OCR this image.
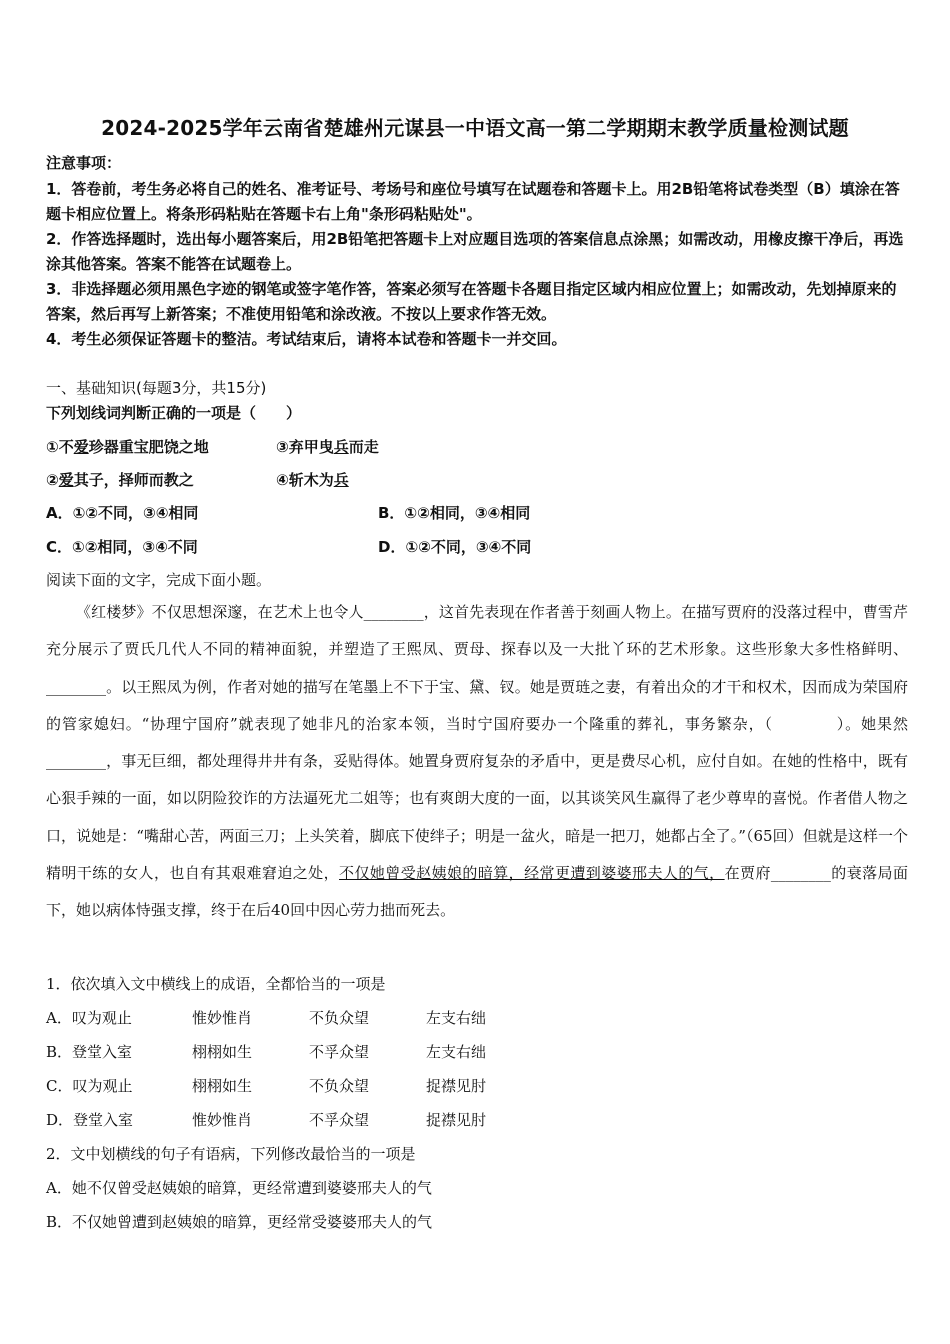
2024-2025学年云南省楚雄州元谋县一中语文高一第二学期期末教学质量检测试题
注意事项：
1．答卷前，考生务必将自己的姓名、准考证号、考场号和座位号填写在试题卷和答题卡上。用2B铅笔将试卷类型（B）填涂在答题卡相应位置上。将条形码粘贴在答题卡右上角"条形码粘贴处"。
2．作答选择题时，选出每小题答案后，用2B铅笔把答题卡上对应题目选项的答案信息点涂黑；如需改动，用橡皮擦干净后，再选涂其他答案。答案不能答在试题卷上。
3．非选择题必须用黑色字迹的钢笔或签字笔作答，答案必须写在答题卡各题目指定区域内相应位置上；如需改动，先划掉原来的答案，然后再写上新答案；不准使用铅笔和涂改液。不按以上要求作答无效。
4．考生必须保证答题卡的整洁。考试结束后，请将本试卷和答题卡一并交回。
一、基础知识(每题3分，共15分)
下列划线词判断正确的一项是（　　）
①不爱珍器重宝肥饶之地	③弃甲曳兵而走
②爱其子，择师而教之	④斩木为兵
A．①②不同，③④相同	B．①②相同，③④相同
C．①②相同，③④不同	D．①②不同，③④不同
阅读下面的文字，完成下面小题。
《红楼梦》不仅思想深邃，在艺术上也令人________，这首先表现在作者善于刻画人物上。在描写贾府的没落过程中，曹雪芹充分展示了贾氏几代人不同的精神面貌，并塑造了王熙凤、贾母、探春以及一大批丫环的艺术形象。这些形象大多性格鲜明、________。以王熙凤为例，作者对她的描写在笔墨上不下于宝、黛、钗。她是贾琏之妻，有着出众的才干和权术，因而成为荣国府的管家媳妇。“协理宁国府”就表现了她非凡的治家本领，当时宁国府要办一个隆重的葬礼，事务繁杂，（　　　　）。她果然________，事无巨细，都处理得井井有条，妥贴得体。她置身贾府复杂的矛盾中，更是费尽心机，应付自如。在她的性格中，既有心狠手辣的一面，如以阴险狡诈的方法逼死尤二姐等；也有爽朗大度的一面，以其谈笑风生赢得了老少尊卑的喜悦。作者借人物之口，说她是：“嘴甜心苦，两面三刀；上头笑着，脚底下使绊子；明是一盆火，暗是一把刀，她都占全了。”（65回）但就是这样一个精明干练的女人，也自有其艰难窘迫之处，不仅她曾受赵姨娘的暗算，经常更遭到婆婆邢夫人的气，在贾府________的衰落局面下，她以病体恃强支撑，终于在后40回中因心劳力拙而死去。
1．依次填入文中横线上的成语，全都恰当的一项是
A．叹为观止	惟妙惟肖	不负众望	左支右绌
B．登堂入室	栩栩如生	不孚众望	左支右绌
C．叹为观止	栩栩如生	不负众望	捉襟见肘
D．登堂入室	惟妙惟肖	不孚众望	捉襟见肘
2．文中划横线的句子有语病，下列修改最恰当的一项是
A．她不仅曾受赵姨娘的暗算，更经常遭到婆婆邢夫人的气
B．不仅她曾遭到赵姨娘的暗算，更经常受婆婆邢夫人的气
